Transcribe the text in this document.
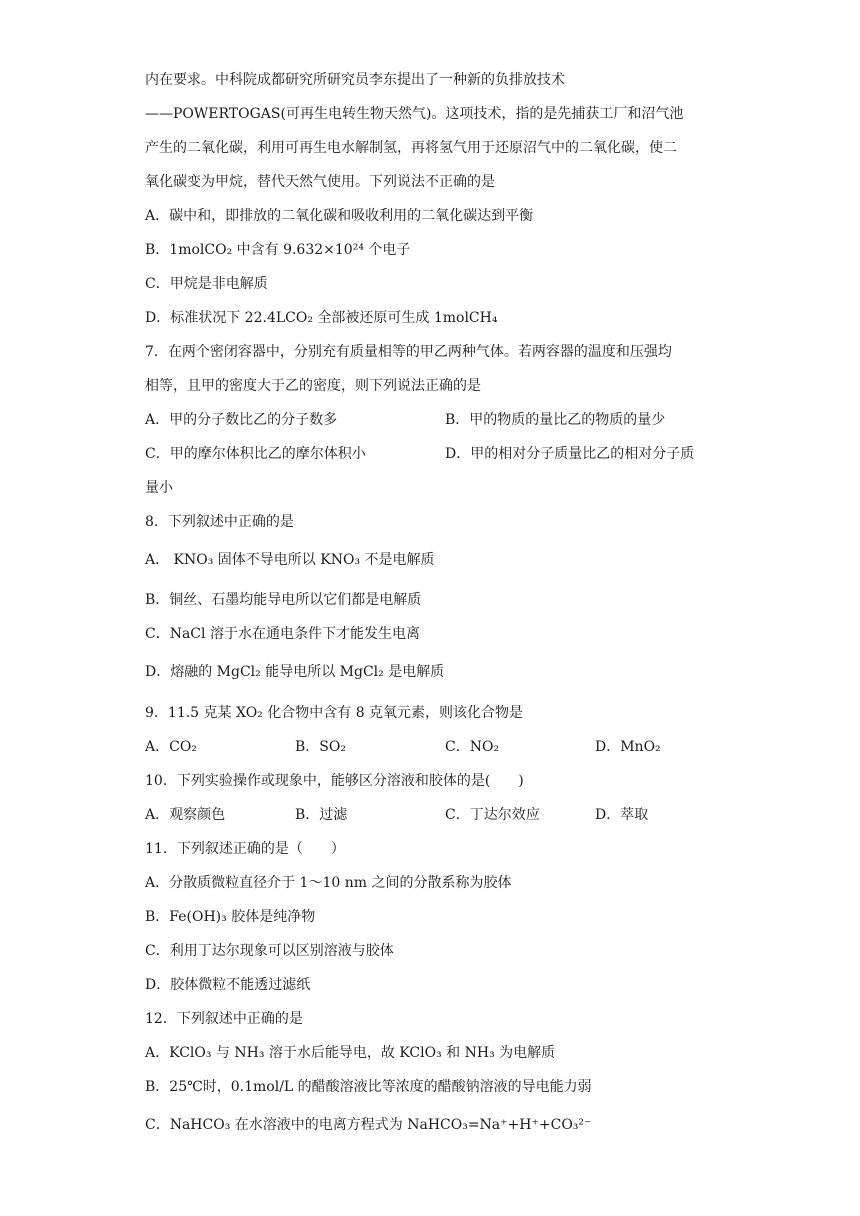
内在要求。中科院成都研究所研究员李东提出了一种新的负排放技术
——POWERTOGAS(可再生电转生物天然气)。这项技术，指的是先捕获工厂和沼气池
产生的二氧化碳，利用可再生电水解制氢，再将氢气用于还原沼气中的二氧化碳，使二
氧化碳变为甲烷，替代天然气使用。下列说法不正确的是
A．碳中和，即排放的二氧化碳和吸收利用的二氧化碳达到平衡
B．1molCO₂ 中含有 9.632×10²⁴ 个电子
C．甲烷是非电解质
D．标准状况下 22.4LCO₂ 全部被还原可生成 1molCH₄
7．在两个密闭容器中，分别充有质量相等的甲乙两种气体。若两容器的温度和压强均
相等，且甲的密度大于乙的密度，则下列说法正确的是
A．甲的分子数比乙的分子数多	B．甲的物质的量比乙的物质的量少
C．甲的摩尔体积比乙的摩尔体积小	D．甲的相对分子质量比乙的相对分子质
量小
8．下列叙述中正确的是
A． KNO₃ 固体不导电所以 KNO₃ 不是电解质
B．铜丝、石墨均能导电所以它们都是电解质
C．NaCl 溶于水在通电条件下才能发生电离
D．熔融的 MgCl₂ 能导电所以 MgCl₂ 是电解质
9．11.5 克某 XO₂ 化合物中含有 8 克氧元素，则该化合物是
A．CO₂	B．SO₂	C．NO₂	D．MnO₂
10．下列实验操作或现象中，能够区分溶液和胶体的是(　　)
A．观察颜色	B．过滤	C．丁达尔效应	D．萃取
11．下列叙述正确的是（　　）
A．分散质微粒直径介于 1～10 nm 之间的分散系称为胶体
B．Fe(OH)₃ 胶体是纯净物
C．利用丁达尔现象可以区别溶液与胶体
D．胶体微粒不能透过滤纸
12．下列叙述中正确的是
A．KClO₃ 与 NH₃ 溶于水后能导电，故 KClO₃ 和 NH₃ 为电解质
B．25℃时，0.1mol/L 的醋酸溶液比等浓度的醋酸钠溶液的导电能力弱
C．NaHCO₃ 在水溶液中的电离方程式为 NaHCO₃=Na⁺+H⁺+CO₃²⁻
